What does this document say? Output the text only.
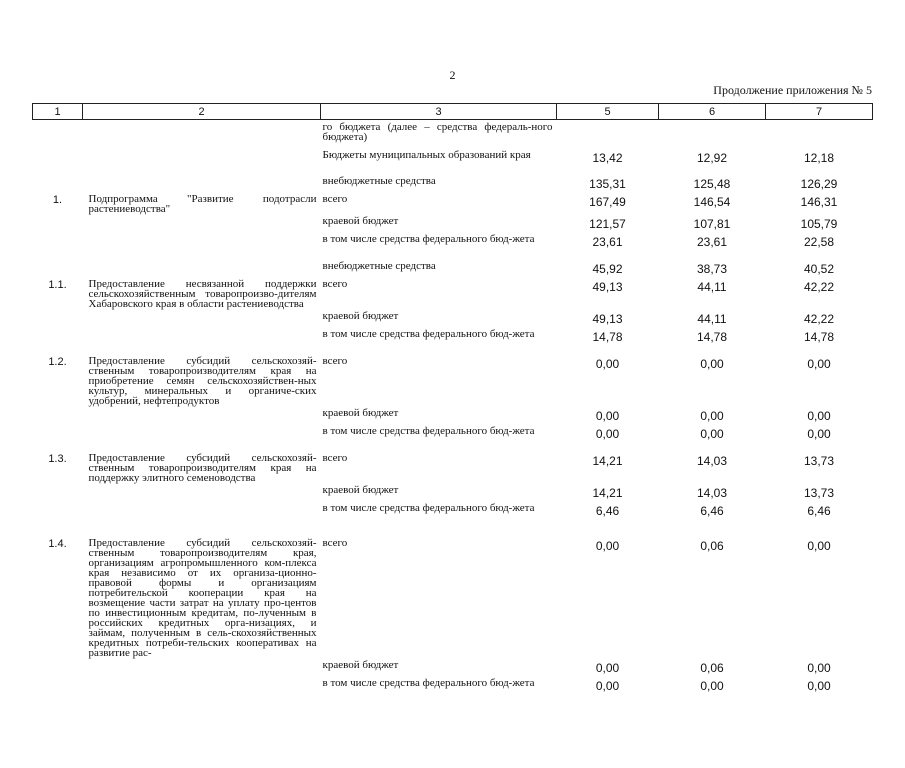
2
Продолжение приложения № 5
1	2	3	5	6	7
		го бюджета (далее – средства федераль-ного бюджета)			
		Бюджеты муниципальных образований края	13,42	12,92	12,18
		внебюджетные средства	135,31	125,48	126,29
1.	Подпрограмма "Развитие подотрасли растениеводства"	всего	167,49	146,54	146,31
		краевой бюджет	121,57	107,81	105,79
		в том числе средства федерального бюд-жета	23,61	23,61	22,58
		внебюджетные средства	45,92	38,73	40,52
1.1.	Предоставление несвязанной поддержки сельскохозяйственным товаропроизво-дителям Хабаровского края в области растениеводства	всего	49,13	44,11	42,22
		краевой бюджет	49,13	44,11	42,22
		в том числе средства федерального бюд-жета	14,78	14,78	14,78
1.2.	Предоставление субсидий сельскохозяй-ственным товаропроизводителям края на приобретение семян сельскохозяйствен-ных культур, минеральных и органиче-ских удобрений, нефтепродуктов	всего	0,00	0,00	0,00
		краевой бюджет	0,00	0,00	0,00
		в том числе средства федерального бюд-жета	0,00	0,00	0,00
1.3.	Предоставление субсидий сельскохозяй-ственным товаропроизводителям края на поддержку элитного семеноводства	всего	14,21	14,03	13,73
		краевой бюджет	14,21	14,03	13,73
		в том числе средства федерального бюд-жета	6,46	6,46	6,46
1.4.	Предоставление субсидий сельскохозяй-ственным товаропроизводителям края, организациям агропромышленного ком-плекса края независимо от их организа-ционно-правовой формы и организациям потребительской кооперации края на возмещение части затрат на уплату про-центов по инвестиционным кредитам, по-лученным в российских кредитных орга-низациях, и займам, полученным в сель-скохозяйственных кредитных потреби-тельских кооперативах на развитие рас-	всего	0,00	0,06	0,00
		краевой бюджет	0,00	0,06	0,00
		в том числе средства федерального бюд-жета	0,00	0,00	0,00
